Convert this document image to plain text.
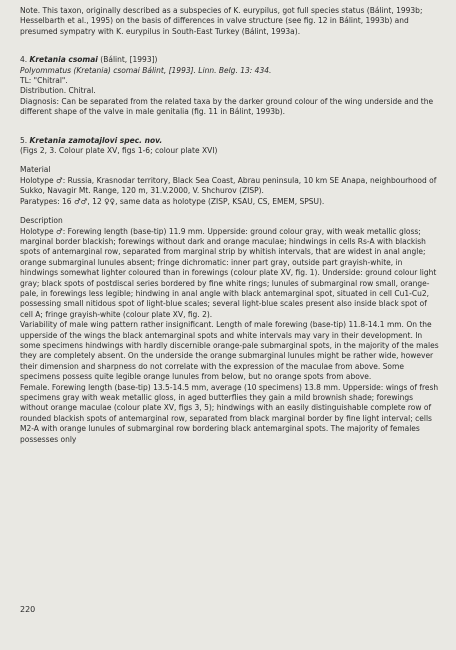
Note. This taxon, originally described as a subspecies of K. eurypilus, got full species status (Bálint, 1993b; Hesselbarth et al., 1995) on the basis of differences in valve structure (see fig. 12 in Bálint, 1993b) and presumed sympatry with K. eurypilus in South-East Turkey (Bálint, 1993a).

4. Kretania csomai (Bálint, [1993])

Polyommatus (Kretania) csomai Bálint, [1993]. Linn. Belg. 13: 434.

TL: "Chitral".

Distribution. Chitral.

Diagnosis: Can be separated from the related taxa by the darker ground colour of the wing underside and the different shape of the valve in male genitalia (fig. 11 in Bálint, 1993b).

5. Kretania zamotajlovi spec. nov.

(Figs 2, 3. Colour plate XV, figs 1-6; colour plate XVI)

Material

Holotype ♂: Russia, Krasnodar territory, Black Sea Coast, Abrau peninsula, 10 km SE Anapa, neighbourhood of Sukko, Navagir Mt. Range, 120 m, 31.V.2000, V. Shchurov (ZISP).

Paratypes: 16 ♂♂, 12 ♀♀, same data as holotype (ZISP, KSAU, CS, EMEM, SPSU).

Description

Holotype ♂: Forewing length (base-tip) 11.9 mm. Upperside: ground colour gray, with weak metallic gloss; marginal border blackish; forewings without dark and orange maculae; hindwings in cells Rs-A with blackish spots of antemarginal row, separated from marginal strip by whitish intervals, that are widest in anal angle; orange submarginal lunules absent; fringe dichromatic: inner part gray, outside part grayish-white, in hindwings somewhat lighter coloured than in forewings (colour plate XV, fig. 1). Underside: ground colour light gray; black spots of postdiscal series bordered by fine white rings; lunules of submarginal row small, orange-pale, in forewings less legible; hindwing in anal angle with black antemarginal spot, situated in cell Cu1-Cu2, possessing small nitidous spot of light-blue scales; several light-blue scales present also inside black spot of cell A; fringe grayish-white (colour plate XV, fig. 2).

Variability of male wing pattern rather insignificant. Length of male forewing (base-tip) 11.8-14.1 mm. On the upperside of the wings the black antemarginal spots and white intervals may vary in their development. In some specimens hindwings with hardly discernible orange-pale submarginal spots, in the majority of the males they are completely absent. On the underside the orange submarginal lunules might be rather wide, however their dimension and sharpness do not correlate with the expression of the maculae from above. Some specimens possess quite legible orange lunules from below, but no orange spots from above.

Female. Forewing length (base-tip) 13.5-14.5 mm, average (10 specimens) 13.8 mm. Upperside: wings of fresh specimens gray with weak metallic gloss, in aged butterflies they gain a mild brownish shade; forewings without orange maculae (colour plate XV, figs 3, 5); hindwings with an easily distinguishable complete row of rounded blackish spots of antemarginal row, separated from black marginal border by fine light interval; cells M2-A with orange lunules of submarginal row bordering black antemarginal spots. The majority of females possesses only

220
